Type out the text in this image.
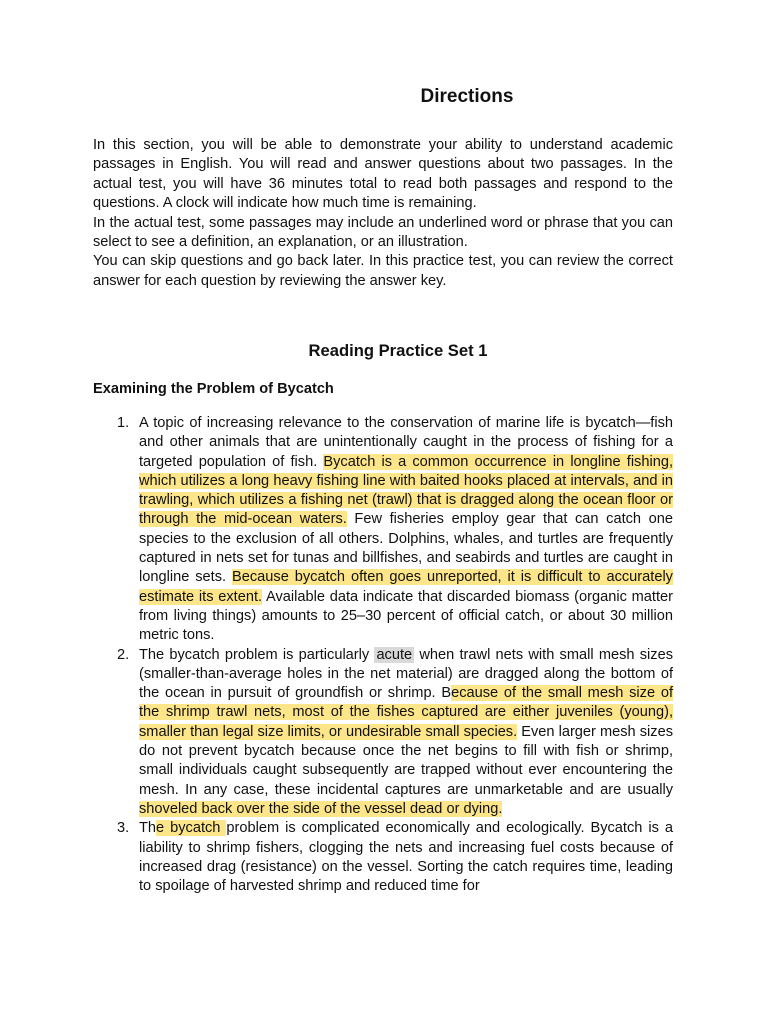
Directions

In this section, you will be able to demonstrate your ability to understand academic passages in English. You will read and answer questions about two passages. In the actual test, you will have 36 minutes total to read both passages and respond to the questions. A clock will indicate how much time is remaining.

In the actual test, some passages may include an underlined word or phrase that you can select to see a definition, an explanation, or an illustration.

You can skip questions and go back later. In this practice test, you can review the correct answer for each question by reviewing the answer key.

Reading Practice Set 1
Examining the Problem of Bycatch
1. A topic of increasing relevance to the conservation of marine life is bycatch—fish and other animals that are unintentionally caught in the process of fishing for a targeted population of fish. Bycatch is a common occurrence in longline fishing, which utilizes a long heavy fishing line with baited hooks placed at intervals, and in trawling, which utilizes a fishing net (trawl) that is dragged along the ocean floor or through the mid-ocean waters. Few fisheries employ gear that can catch one species to the exclusion of all others. Dolphins, whales, and turtles are frequently captured in nets set for tunas and billfishes, and seabirds and turtles are caught in longline sets. Because bycatch often goes unreported, it is difficult to accurately estimate its extent. Available data indicate that discarded biomass (organic matter from living things) amounts to 25–30 percent of official catch, or about 30 million metric tons.
2. The bycatch problem is particularly acute when trawl nets with small mesh sizes (smaller-than-average holes in the net material) are dragged along the bottom of the ocean in pursuit of groundfish or shrimp. Because of the small mesh size of the shrimp trawl nets, most of the fishes captured are either juveniles (young), smaller than legal size limits, or undesirable small species. Even larger mesh sizes do not prevent bycatch because once the net begins to fill with fish or shrimp, small individuals caught subsequently are trapped without ever encountering the mesh. In any case, these incidental captures are unmarketable and are usually shoveled back over the side of the vessel dead or dying.
3. The bycatch problem is complicated economically and ecologically. Bycatch is a liability to shrimp fishers, clogging the nets and increasing fuel costs because of increased drag (resistance) on the vessel. Sorting the catch requires time, leading to spoilage of harvested shrimp and reduced time for
